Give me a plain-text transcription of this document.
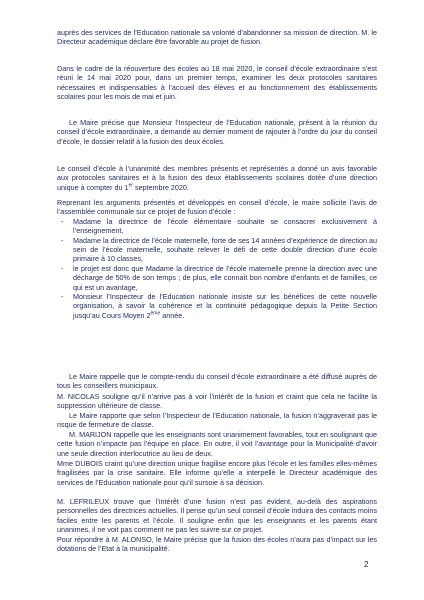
auprès des services de l’Education nationale sa volonté d’abandonner sa mission de direction. M. le Directeur académique déclare être favorable au projet de fusion.

Dans le cadre de la réouverture des écoles au 18 mai 2020, le conseil d’école extraordinaire s’est réuni le 14 mai 2020 pour, dans un premier temps, examiner les deux protocoles sanitaires nécessaires et indispensables à l’accueil des élèves et au fonctionnement des établissements scolaires pour les mois de mai et juin.

Le Maire précise que Monsieur l’Inspecteur de l’Education nationale, présent à la réunion du conseil d’école extraordinaire, a demandé au dernier moment de rajouter à l’ordre du jour du conseil d’école, le dossier relatif à la fusion des deux écoles.

Le conseil d’école à l’unanimité des membres présents et représentés a donné un avis favorable aux protocoles sanitaires et à la fusion des deux établissements scolaires dotée d’une direction unique à compter du 1er septembre 2020.

Reprenant les arguments présentés et développés en conseil d’école, le maire sollicite l’avis de l’assemblée communale sur ce projet de fusion d’école :

- Madame la directrice de l’école élémentaire souhaite se consacrer exclusivement à l’enseignement,
- Madame la directrice de l’école maternelle, forte de ses 14 années d’expérience de direction au sein de l’école maternelle, souhaite relever le défi de cette double direction d’une école primaire à 10 classes,
- le projet est donc que Madame la directrice de l’école maternelle prenne la direction avec une décharge de 50% de son temps ; de plus, elle connaît bon nombre d’enfants et de familles, ce qui est un avantage,
- Monsieur l’Inspecteur de l’Education nationale insiste sur les bénéfices de cette nouvelle organisation, à savoir la cohérence et la continuité pédagogique depuis la Petite Section jusqu’au Cours Moyen 2ème année.

Le Maire rappelle que le compte-rendu du conseil d’école extraordinaire a été diffusé auprès de tous les conseillers municipaux.

M. NICOLAS souligne qu’il n’arrive pas à voir l’intérêt de la fusion et craint que cela ne facilite la suppression ultérieure de classe.

Le Maire rapporte que selon l’Inspecteur de l’Education nationale, la fusion n’aggraverait pas le risque de fermeture de classe.

M. MARIJON rappelle que les enseignants sont unanimement favorables, tout en soulignant que cette fusion n’impacte pas l’équipe en place. En outre, il voit l’avantage pour la Municipalité d’avoir une seule direction interlocutrice au lieu de deux.

Mme DUBOIS craint qu’une direction unique fragilise encore plus l’école et les familles elles-mêmes fragilisées par la crise sanitaire. Elle informe qu’elle a interpellé le Directeur académique des services de l’Education nationale pour qu’il sursoie à sa décision.

M. LEFRILEUX trouve que l’intérêt d’une fusion n’est pas évident, au-delà des aspirations personnelles des directrices actuelles. Il pense qu’un seul conseil d’école induira des contacts moins faciles entre les parents et l’école. Il souligne enfin que les enseignants et les parents étant unanimes, il ne voit pas comment ne pas les suivre sur ce projet.

Pour répondre à M. ALONSO, le Maire précise que la fusion des écoles n’aura pas d’impact sur les dotations de l’Etat à la municipalité.

2
